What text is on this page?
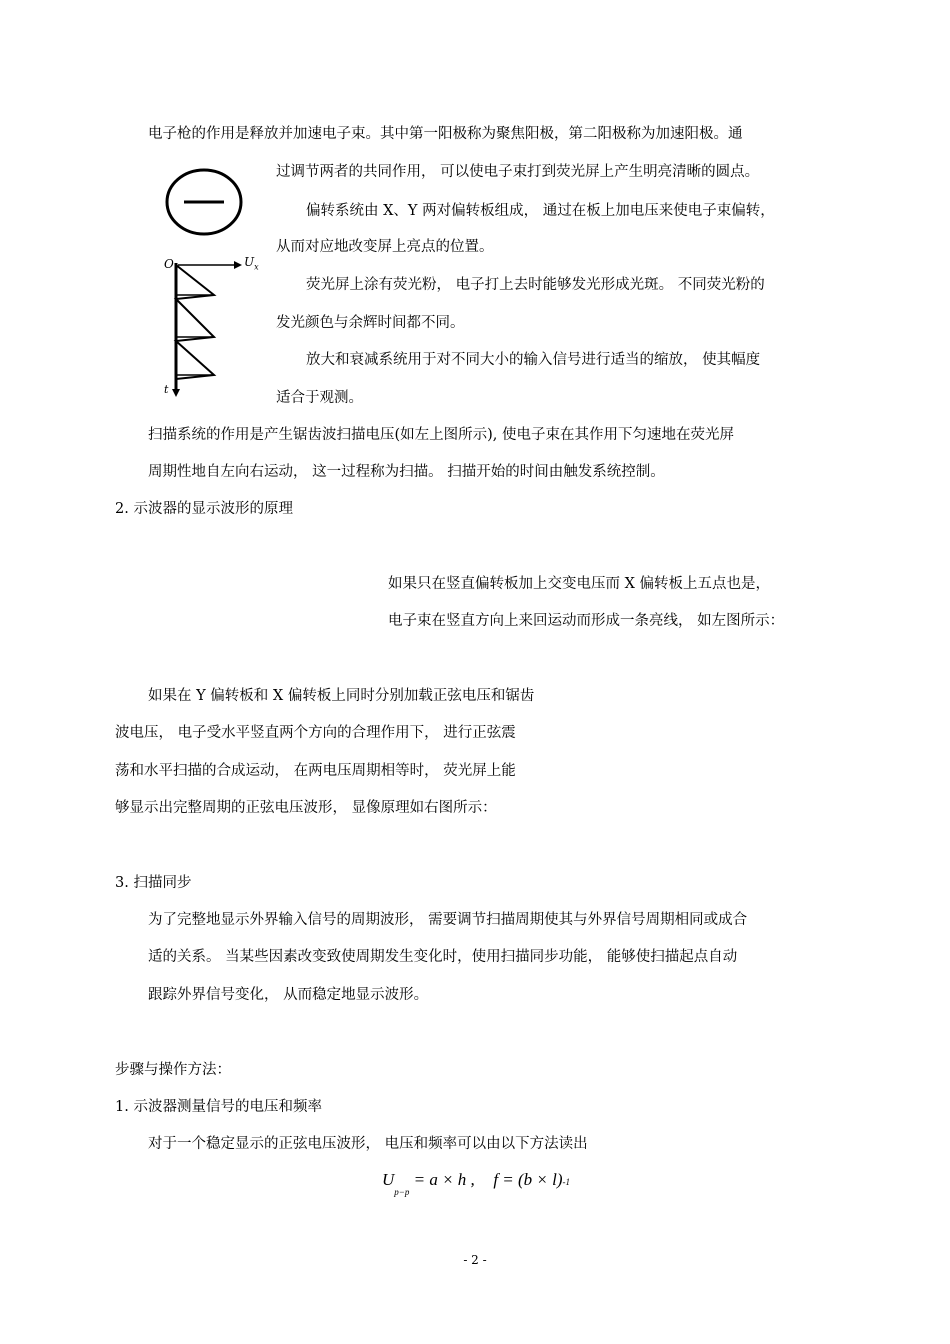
电子枪的作用是释放并加速电子束。其中第一阳极称为聚焦阳极，第二阳极称为加速阳极。通
过调节两者的共同作用， 可以使电子束打到荧光屏上产生明亮清晰的圆点。
偏转系统由 X、Y 两对偏转板组成， 通过在板上加电压来使电子束偏转，
从而对应地改变屏上亮点的位置。
O	$U_x$
t
荧光屏上涂有荧光粉， 电子打上去时能够发光形成光斑。 不同荧光粉的
发光颜色与余辉时间都不同。
放大和衰减系统用于对不同大小的输入信号进行适当的缩放， 使其幅度
适合于观测。
扫描系统的作用是产生锯齿波扫描电压(如左上图所示), 使电子束在其作用下匀速地在荧光屏
周期性地自左向右运动， 这一过程称为扫描。 扫描开始的时间由触发系统控制。
2. 示波器的显示波形的原理
如果只在竖直偏转板加上交变电压而 X 偏转板上五点也是，
电子束在竖直方向上来回运动而形成一条亮线， 如左图所示：
如果在 Y 偏转板和 X 偏转板上同时分别加载正弦电压和锯齿
波电压， 电子受水平竖直两个方向的合理作用下， 进行正弦震
荡和水平扫描的合成运动， 在两电压周期相等时， 荧光屏上能
够显示出完整周期的正弦电压波形， 显像原理如右图所示：
3. 扫描同步
为了完整地显示外界输入信号的周期波形， 需要调节扫描周期使其与外界信号周期相同或成合
适的关系。 当某些因素改变致使周期发生变化时，使用扫描同步功能， 能够使扫描起点自动
跟踪外界信号变化， 从而稳定地显示波形。
步骤与操作方法：
1. 示波器测量信号的电压和频率
对于一个稳定显示的正弦电压波形， 电压和频率可以由以下方法读出
$U_{p-p} = a \times h$ , f = (b × l)-1
- 2 -
